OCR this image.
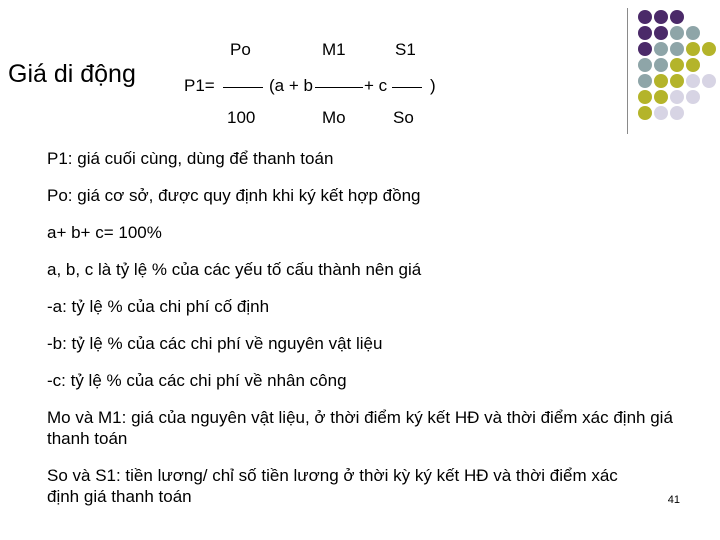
Giá di động
Po
P1=
100
(a + b
M1
Mo
+ c
S1
So
)

P1: giá cuối cùng, dùng để thanh toán

Po: giá cơ sở, được quy định khi ký kết hợp đồng

a+ b+ c= 100%

a, b, c là tỷ lệ % của các yếu tố cấu thành nên giá

-a: tỷ lệ % của chi phí cố định

-b: tỷ lệ % của các chi phí về nguyên vật liệu

-c: tỷ lệ % của các chi phí về nhân công

Mo và M1: giá của nguyên vật liệu, ở thời điểm ký kết HĐ và thời điểm xác định giá thanh toán

So và S1: tiền lương/ chỉ số tiền lương ở thời kỳ ký kết HĐ và thời điểm xác định giá thanh toán	41
